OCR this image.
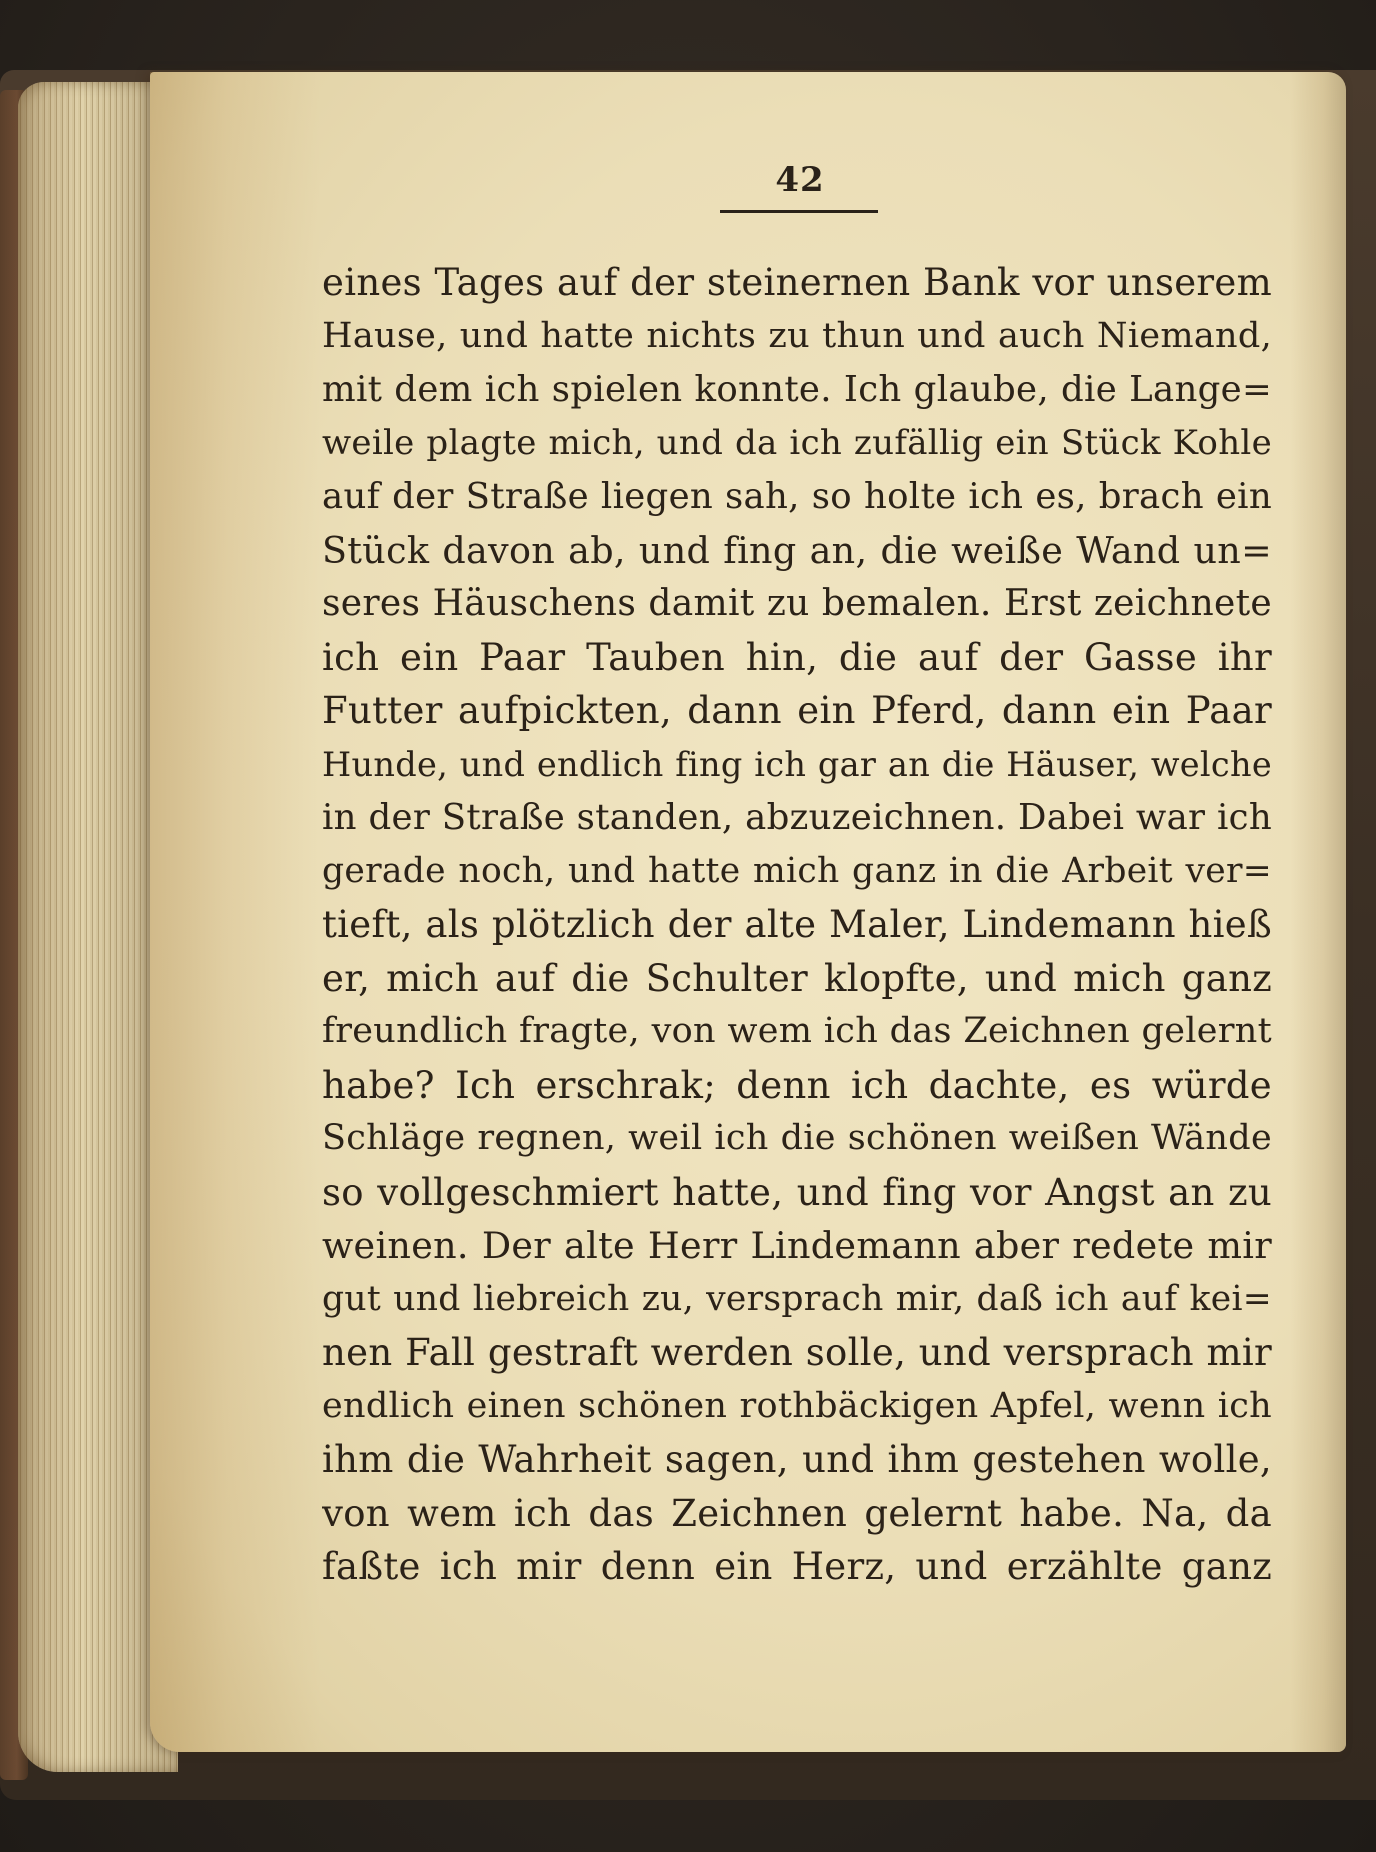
42
eines Tages auf der steinernen Bank vor unserem
Hause, und hatte nichts zu thun und auch Niemand,
mit dem ich spielen konnte. Ich glaube, die Lange=
weile plagte mich, und da ich zufällig ein Stück Kohle
auf der Straße liegen sah, so holte ich es, brach ein
Stück davon ab, und fing an, die weiße Wand un=
seres Häuschens damit zu bemalen. Erst zeichnete
ich ein Paar Tauben hin, die auf der Gasse ihr
Futter aufpickten, dann ein Pferd, dann ein Paar
Hunde, und endlich fing ich gar an die Häuser, welche
in der Straße standen, abzuzeichnen. Dabei war ich
gerade noch, und hatte mich ganz in die Arbeit ver=
tieft, als plötzlich der alte Maler, Lindemann hieß
er, mich auf die Schulter klopfte, und mich ganz
freundlich fragte, von wem ich das Zeichnen gelernt
habe? Ich erschrak; denn ich dachte, es würde
Schläge regnen, weil ich die schönen weißen Wände
so vollgeschmiert hatte, und fing vor Angst an zu
weinen. Der alte Herr Lindemann aber redete mir
gut und liebreich zu, versprach mir, daß ich auf kei=
nen Fall gestraft werden solle, und versprach mir
endlich einen schönen rothbäckigen Apfel, wenn ich
ihm die Wahrheit sagen, und ihm gestehen wolle,
von wem ich das Zeichnen gelernt habe. Na, da
faßte ich mir denn ein Herz, und erzählte ganz
